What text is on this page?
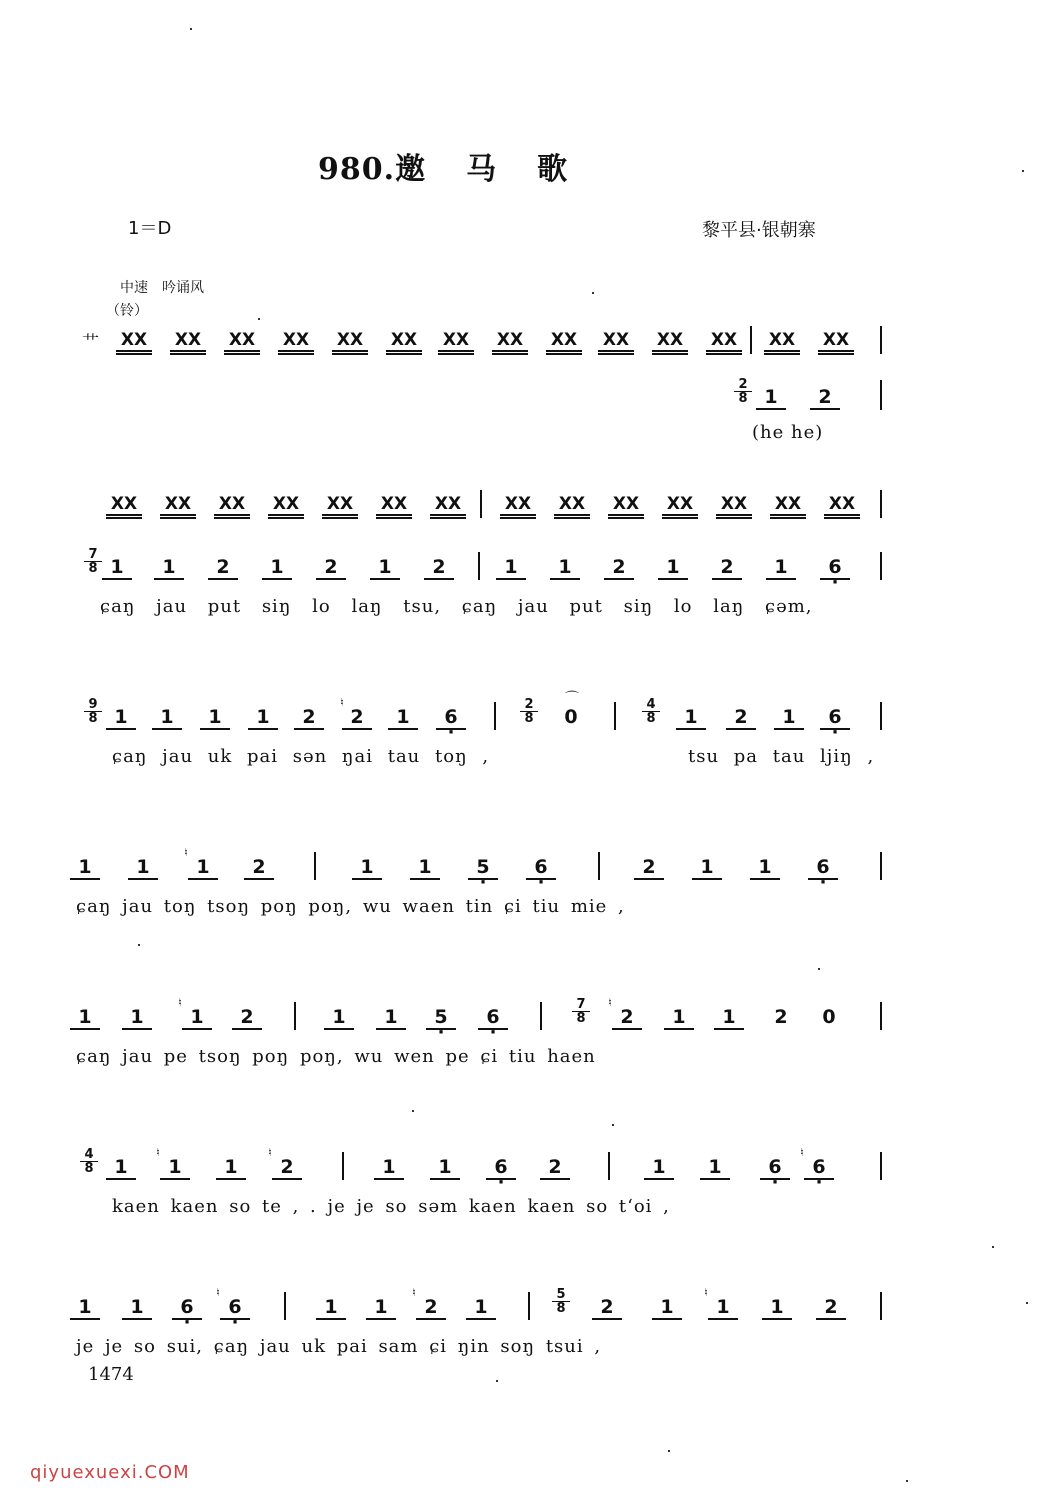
980.邀 马 歌
1＝D	黎平县·银朝寨
中速　吟诵风
（铃）
艹 XX XX XX XX XX XX XX XX XX XX XX XX XX XX
2
8 1	2
(he he)
XX XX XX XX XX XX XX	XX XX XX XX XX XX XX
7
8 1	1	2	1	2	1	2	1	1	2	1	2	1	6 ·
ɕaŋ jau put siŋ lo laŋ tsu, ɕaŋ jau put siŋ lo laŋ ɕəm,
9
8 1	1	1	1	2
♮
2	1	6 ·
2
8
⌒
0
4
8	1	2	1	6 ·
ɕaŋ jau uk pai sən ŋai tau toŋ ,	tsu pa tau ljiŋ ,
1	1
♮
1	2	1	1	5 ·	6 ·	2	1	1	6 ·
ɕaŋ jau toŋ tsoŋ poŋ poŋ, wu waen tin ɕi tiu mie ,
1	1
♮
1	2	1	1	5 ·	6 ·
7
8
♮
2	1	1	2	0
ɕaŋ jau pe tsoŋ poŋ poŋ, wu wen pe ɕi tiu haen
4
8	1
♮
1	1
♮
2	1	1	6 ·	2	1	1	6 ·
♮
6 ·
kaen kaen so te , . je je so səm kaen kaen so t‘oi ,
1	1	6 ·
♮
6 ·	1	1
♮
2	1
5
8	2	1
♮
1	1	2
je je so sui, ɕaŋ jau uk pai sam ɕi ŋin soŋ tsui ,
1474
qiyuexuexi.COM
